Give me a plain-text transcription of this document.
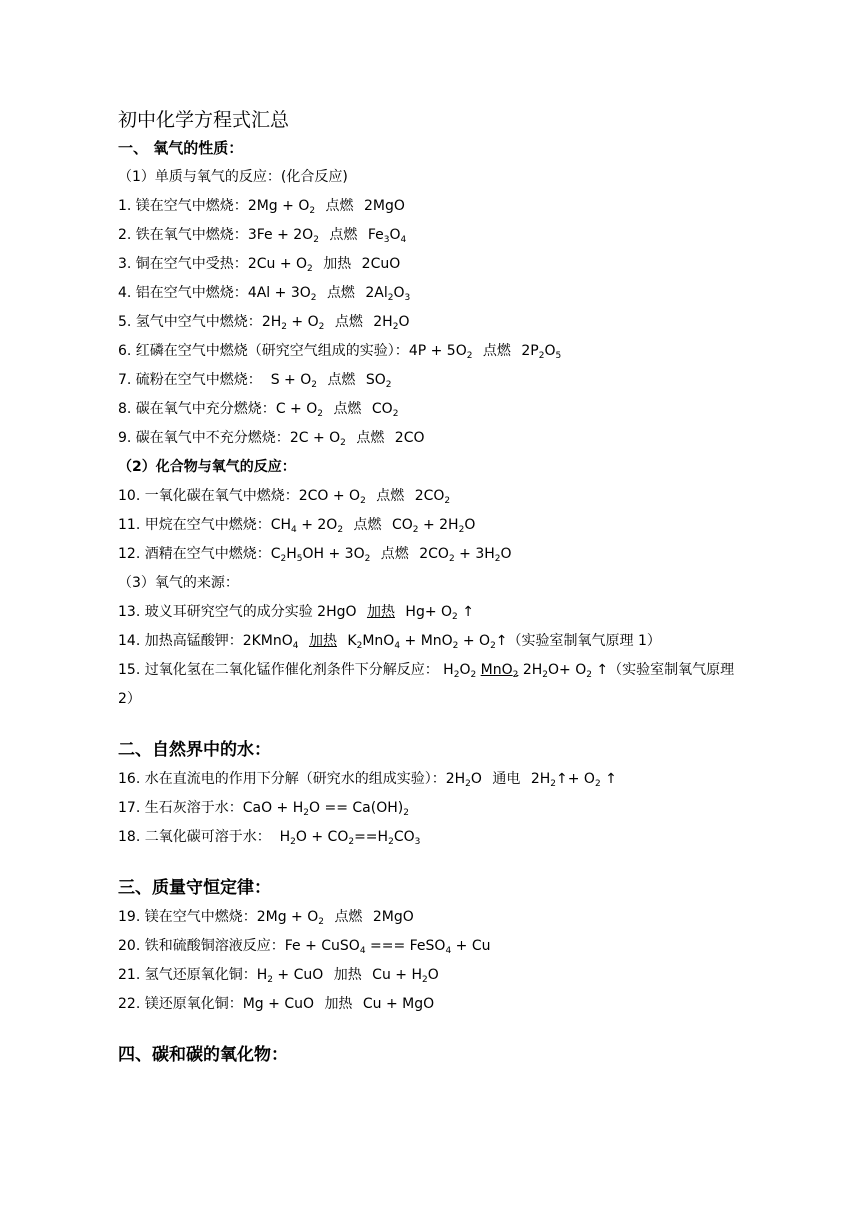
初中化学方程式汇总

一、 氧气的性质：

（1）单质与氧气的反应：(化合反应)

1. 镁在空气中燃烧：$2Mg + O_2$ 点燃 2MgO

2. 铁在氧气中燃烧：$3Fe + 2O_2$ 点燃 $Fe_3O_4$

3. 铜在空气中受热：$2Cu + O_2$ 加热 2CuO

4. 铝在空气中燃烧：$4Al + 3O_2$ 点燃 $2Al_2O_3$

5. 氢气中空气中燃烧：$2H_2 + O_2$ 点燃 $2H_2O$

6. 红磷在空气中燃烧（研究空气组成的实验）：$4P + 5O_2$ 点燃 $2P_2O_5$

7. 硫粉在空气中燃烧：  $S + O_2$ 点燃 $SO_2$

8. 碳在氧气中充分燃烧：$C + O_2$ 点燃 $CO_2$

9. 碳在氧气中不充分燃烧：$2C + O_2$ 点燃 2CO

（2）化合物与氧气的反应：

10. 一氧化碳在氧气中燃烧：$2CO + O_2$ 点燃 $2CO_2$

11. 甲烷在空气中燃烧：$CH_4 + 2O_2$ 点燃 $CO_2 + 2H_2O$

12. 酒精在空气中燃烧：$C_2H_5OH + 3O_2$ 点燃 $2CO_2 + 3H_2O$

（3）氧气的来源：

13. 玻义耳研究空气的成分实验 2HgO 加热 $Hg+ O_2$ ↑

14. 加热高锰酸钾：2KMnO$_4$ 加热 $K_2MnO_4 + MnO_2$ + $O_2↑$（实验室制氧气原理 1）

15. 过氧化氢在二氧化锰作催化剂条件下分解反应： $H_2O_2$ MnO$_2$ $2H_2O+ O_2$ ↑（实验室制氧气原理 2）

二、自然界中的水：

16. 水在直流电的作用下分解（研究水的组成实验）：$2H_2O$ 通电 $2H_2↑+ O_2$ ↑

17. 生石灰溶于水：CaO + $H_2O == Ca(OH)_2$

18. 二氧化碳可溶于水：  $H_2O + CO_2==H_2CO_3$

三、质量守恒定律：

19. 镁在空气中燃烧：$2Mg + O_2$ 点燃 2MgO

20. 铁和硫酸铜溶液反应：Fe + CuSO$_4$ === FeSO$_4$ + Cu

21. 氢气还原氧化铜：$H_2$ + CuO 加热 $Cu + H_2O$

22. 镁还原氧化铜：Mg + CuO 加热 Cu + MgO

四、碳和碳的氧化物：
